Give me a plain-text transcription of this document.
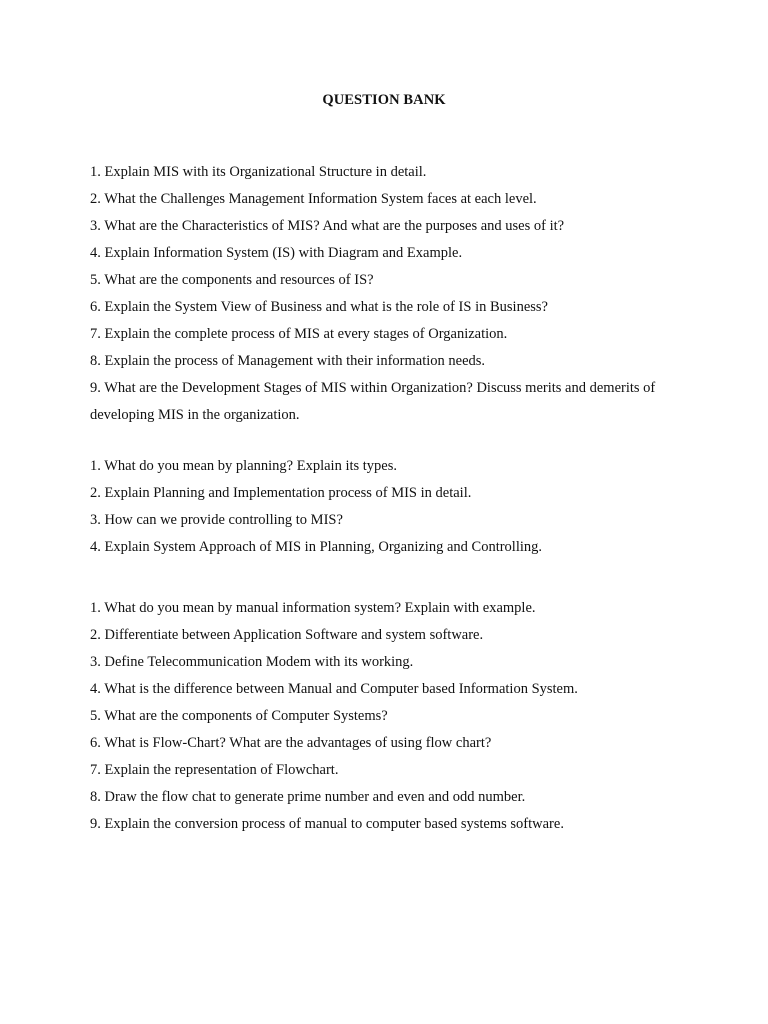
QUESTION BANK

1. Explain MIS with its Organizational Structure in detail.

2. What the Challenges Management Information System faces at each level.

3. What are the Characteristics of MIS? And what are the purposes and uses of it?

4. Explain Information System (IS) with Diagram and Example.

5. What are the components and resources of IS?

6. Explain the System View of Business and what is the role of IS in Business?

7. Explain the complete process of MIS at every stages of Organization.

8. Explain the process of Management with their information needs.

9. What are the Development Stages of MIS within Organization? Discuss merits and demerits of developing MIS in the organization.

1. What do you mean by planning? Explain its types.

2. Explain Planning and Implementation process of MIS in detail.

3. How can we provide controlling to MIS?

4. Explain System Approach of MIS in Planning, Organizing and Controlling.

1. What do you mean by manual information system? Explain with example.

2. Differentiate between Application Software and system software.

3. Define Telecommunication Modem with its working.

4. What is the difference between Manual and Computer based Information System.

5. What are the components of Computer Systems?

6. What is Flow-Chart? What are the advantages of using flow chart?

7. Explain the representation of Flowchart.

8. Draw the flow chat to generate prime number and even and odd number.

9. Explain the conversion process of manual to computer based systems software.
